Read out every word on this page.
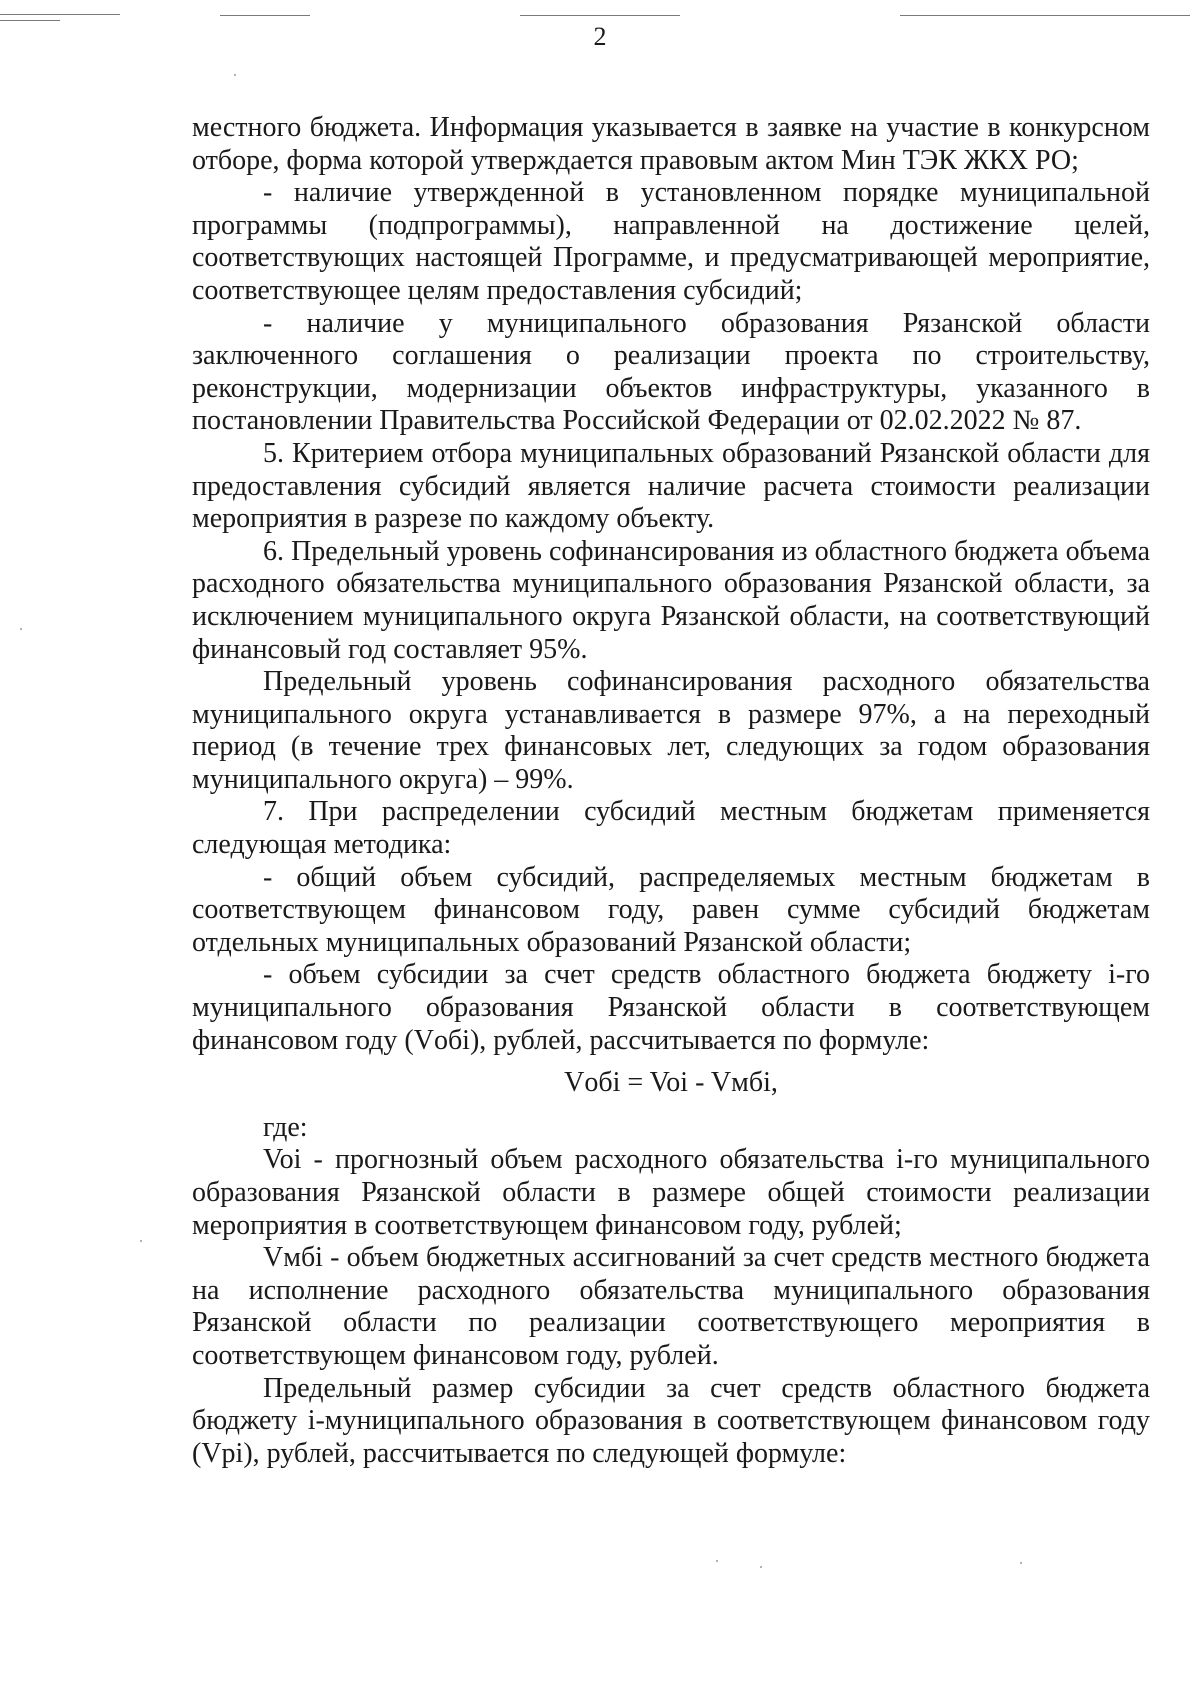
2

местного бюджета. Информация указывается в заявке на участие в конкурсном отборе, форма которой утверждается правовым актом Мин ТЭК ЖКХ РО;

- наличие утвержденной в установленном порядке муниципальной программы (подпрограммы), направленной на достижение целей, соответствующих настоящей Программе, и предусматривающей мероприятие, соответствующее целям предоставления субсидий;

- наличие у муниципального образования Рязанской области заключенного соглашения о реализации проекта по строительству, реконструкции, модернизации объектов инфраструктуры, указанного в постановлении Правительства Российской Федерации от 02.02.2022 № 87.

5. Критерием отбора муниципальных образований Рязанской области для предоставления субсидий является наличие расчета стоимости реализации мероприятия в разрезе по каждому объекту.

6. Предельный уровень софинансирования из областного бюджета объема расходного обязательства муниципального образования Рязанской области, за исключением муниципального округа Рязанской области, на соответствующий финансовый год составляет 95%.

Предельный уровень софинансирования расходного обязательства муниципального округа устанавливается в размере 97%, а на переходный период (в течение трех финансовых лет, следующих за годом образования муниципального округа) – 99%.

7. При распределении субсидий местным бюджетам применяется следующая методика:

- общий объем субсидий, распределяемых местным бюджетам в соответствующем финансовом году, равен сумме субсидий бюджетам отдельных муниципальных образований Рязанской области;

- объем субсидии за счет средств областного бюджета бюджету i-го муниципального образования Рязанской области в соответствующем финансовом году (Vобi), рублей, рассчитывается по формуле:

Vобi = Voi - Vмбi,

где:

Voi - прогнозный объем расходного обязательства i-го муниципального образования Рязанской области в размере общей стоимости реализации мероприятия в соответствующем финансовом году, рублей;

Vмбi - объем бюджетных ассигнований за счет средств местного бюджета на исполнение расходного обязательства муниципального образования Рязанской области по реализации соответствующего мероприятия в соответствующем финансовом году, рублей.

Предельный размер субсидии за счет средств областного бюджета бюджету i-муниципального образования в соответствующем финансовом году (Vpi), рублей, рассчитывается по следующей формуле:
